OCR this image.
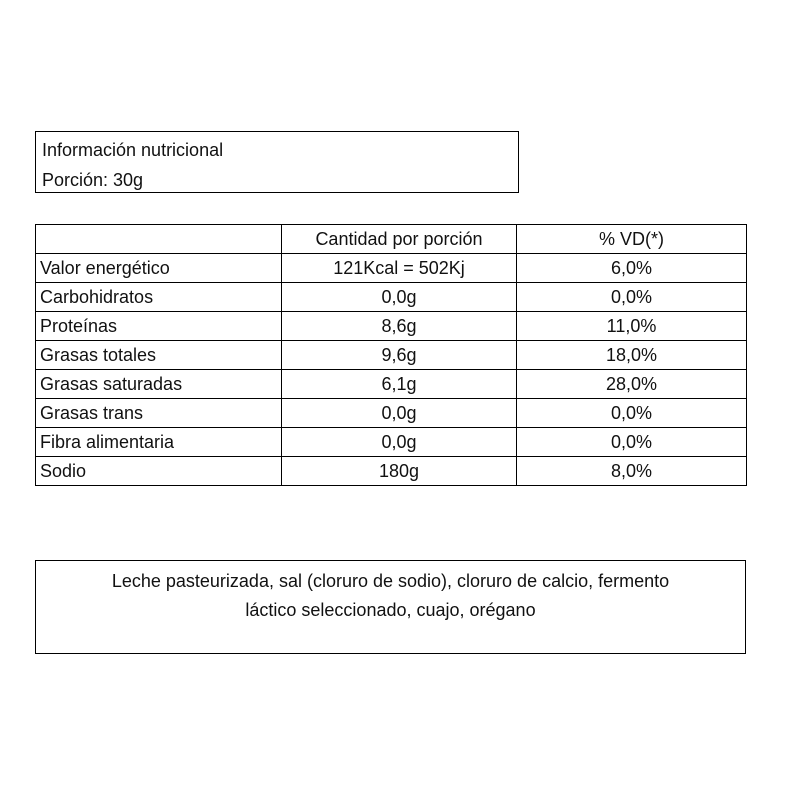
Información nutricional
Porción: 30g
	Cantidad por porción	% VD(*)
Valor energético	121Kcal = 502Kj	6,0%
Carbohidratos	0,0g	0,0%
Proteínas	8,6g	11,0%
Grasas totales	9,6g	18,0%
Grasas saturadas	6,1g	28,0%
Grasas trans	0,0g	0,0%
Fibra alimentaria	0,0g	0,0%
Sodio	180g	8,0%
Leche pasteurizada, sal (cloruro de sodio), cloruro de calcio, fermento
láctico seleccionado, cuajo, orégano
